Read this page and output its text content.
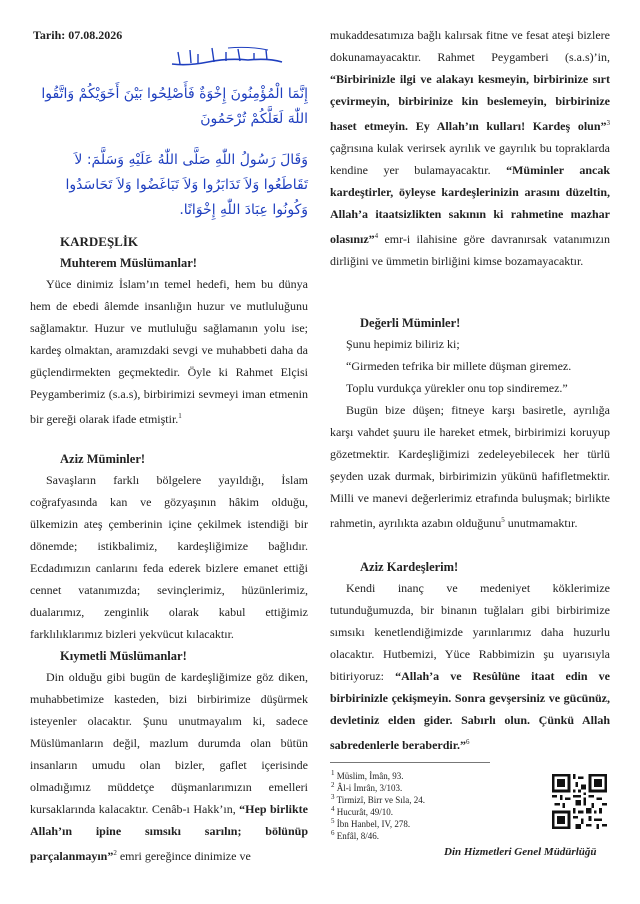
Tarih: 07.08.2026
إِنَّمَا الْمُؤْمِنُونَ إِخْوَةٌ فَأَصْلِحُوا بَيْنَ أَخَوَيْكُمْ وَاتَّقُوا اللّٰهَ لَعَلَّكُمْ تُرْحَمُونَ
وَقَالَ رَسُولُ اللّٰهِ صَلَّى اللّٰهُ عَلَيْهِ وَسَلَّمَ: لاَ تَقَاطَعُوا وَلاَ تَدَابَرُوا وَلاَ تَبَاغَضُوا وَلاَ تَحَاسَدُوا وَكُونُوا عِبَادَ اللّٰهِ إِخْوَانًا.
KARDEŞLİK

Muhterem Müslümanlar!

Yüce dinimiz İslam’ın temel hedefi, hem bu dünya hem de ebedi âlemde insanlığın huzur ve mutluluğunu sağlamaktır. Huzur ve mutluluğu sağlamanın yolu ise; kardeş olmaktan, aramızdaki sevgi ve muhabbeti daha da güçlendirmekten geçmektedir. Öyle ki Rahmet Elçisi Peygamberimiz (s.a.s), birbirimizi sevmeyi iman etmenin bir gereği olarak ifade etmiştir.$^1$

Aziz Müminler!

Savaşların farklı bölgelere yayıldığı, İslam coğrafyasında kan ve gözyaşının hâkim olduğu, ülkemizin ateş çemberinin içine çekilmek istendiği bir dönemde; istikbalimiz, kardeşliğimize bağlıdır. Ecdadımızın canlarını feda ederek bizlere emanet ettiği cennet vatanımızda; sevinçlerimiz, hüzünlerimiz, dualarımız, zenginlik olarak kabul ettiğimiz farklılıklarımız bizleri yekvücut kılacaktır.

Kıymetli Müslümanlar!

Din olduğu gibi bugün de kardeşliğimize göz diken, muhabbetimize kasteden, bizi birbirimize düşürmek isteyenler olacaktır. Şunu unutmayalım ki, sadece Müslümanların değil, mazlum durumda olan bütün insanların umudu olan bizler, gaflet içerisinde olmadığımız müddetçe düşmanlarımızın emelleri kursaklarında kalacaktır. Cenâb-ı Hakk’ın, “Hep birlikte Allah’ın ipine sımsıkı sarılın; bölünüp parçalanmayın”$^2$ emri gereğince dinimize ve

mukaddesatımıza bağlı kalırsak fitne ve fesat ateşi bizlere dokunamayacaktır. Rahmet Peygamberi (s.a.s)’in, “Birbirinizle ilgi ve alakayı kesmeyin, birbirinize sırt çevirmeyin, birbirinize kin beslemeyin, birbirinize haset etmeyin. Ey Allah’ın kulları! Kardeş olun”$^3$ çağrısına kulak verirsek ayrılık ve gayrılık bu topraklarda kendine yer bulamayacaktır. “Müminler ancak kardeştirler, öyleyse kardeşlerinizin arasını düzeltin, Allah’a itaatsizlikten sakının ki rahmetine mazhar olasınız”$^4$ emr-i ilahisine göre davranırsak vatanımızın dirliğini ve ümmetin birliğini kimse bozamayacaktır.

Değerli Müminler!

Şunu hepimiz biliriz ki;

“Girmeden tefrika bir millete düşman giremez.

Toplu vurdukça yürekler onu top sindiremez.”

Bugün bize düşen; fitneye karşı basiretle, ayrılığa karşı vahdet şuuru ile hareket etmek, birbirimizi koruyup gözetmektir. Kardeşliğimizi zedeleyebilecek her türlü şeyden uzak durmak, birbirimizin yükünü hafifletmektir. Milli ve manevi değerlerimiz etrafında buluşmak; birlikte rahmetin, ayrılıkta azabın olduğunu$^5$ unutmamaktır.

Aziz Kardeşlerim!

Kendi inanç ve medeniyet köklerimize tutunduğumuzda, bir binanın tuğlaları gibi birbirimize sımsıkı kenetlendiğimizde yarınlarımız daha huzurlu olacaktır. Hutbemizi, Yüce Rabbimizin şu uyarısıyla bitiriyoruz: “Allah’a ve Resûlüne itaat edin ve birbirinizle çekişmeyin. Sonra gevşersiniz ve gücünüz, devletiniz elden gider. Sabırlı olun. Çünkü Allah sabredenlerle beraberdir.”$^6$

$^1$ Müslim, İmân, 93.
$^2$ Âl-i İmrân, 3/103.
$^3$ Tirmizî, Birr ve Sıla, 24.
$^4$ Hucurât, 49/10.
$^5$ İbn Hanbel, IV, 278.
$^6$ Enfâl, 8/46.
Din Hizmetleri Genel Müdürlüğü
